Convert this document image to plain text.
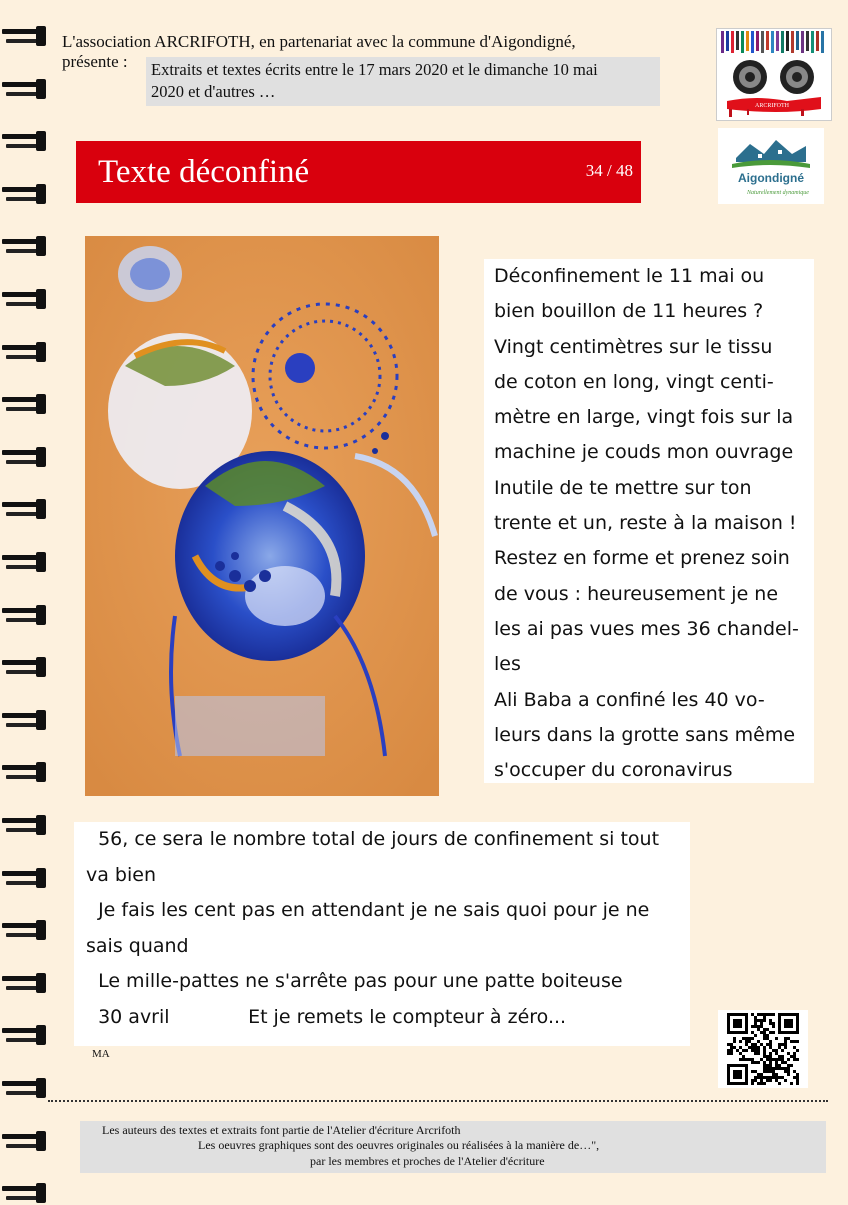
L'association ARCRIFOTH, en partenariat avec la commune d'Aigondigné,
présente : Extraits et textes écrits entre le 17 mars 2020 et le dimanche 10 mai
2020 et d'autres …
ARCRIFOTH
Aigondigné
Naturellement dynamique
Texte déconfiné	34 / 48
Déconfinement le 11 mai ou
bien bouillon de 11 heures ?
Vingt centimètres sur le tissu
de coton en long, vingt centi-
mètre en large, vingt fois sur la
machine je couds mon ouvrage
Inutile de te mettre sur ton
trente et un, reste à la maison !
Restez en forme et prenez soin
de vous : heureusement je ne
les ai pas vues mes 36 chandel-
les
Ali Baba a confiné les 40 vo-
leurs dans la grotte sans même
s'occuper du coronavirus
56, ce sera le nombre total de jours de confinement si tout
va bien
Je fais les cent pas en attendant je ne sais quoi pour je ne
sais quand
Le mille-pattes ne s'arrête pas pour une patte boiteuse
30 avril             Et je remets le compteur à zéro...
MA
Les auteurs des textes et extraits font partie de l'Atelier d'écriture Arcrifoth
Les oeuvres graphiques sont des oeuvres originales ou réalisées à la manière de…",
par les membres et proches de l'Atelier d'écriture
